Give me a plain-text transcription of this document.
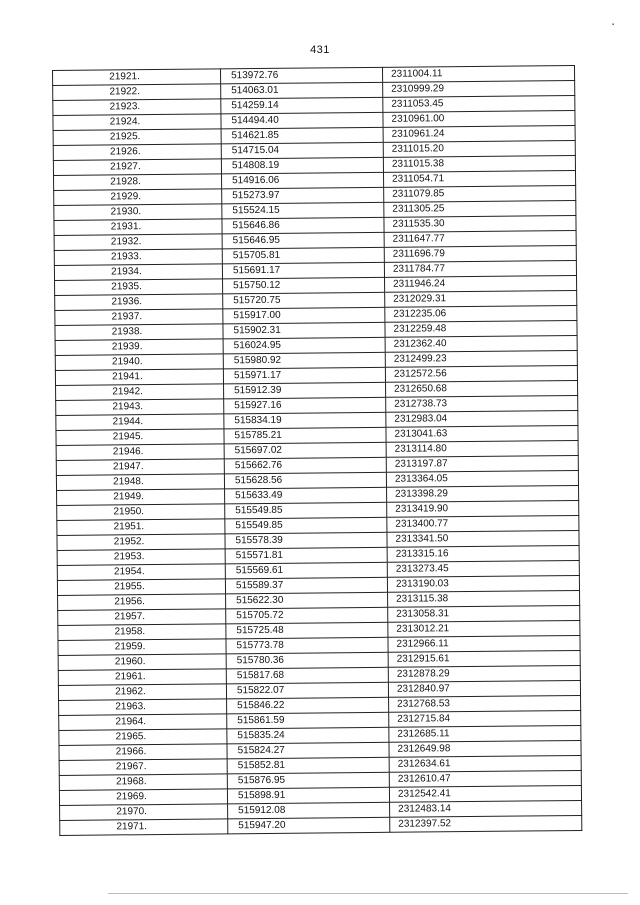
▪
431
21921.	513972.76	2311004.11
21922.	514063.01	2310999.29
21923.	514259.14	2311053.45
21924.	514494.40	2310961.00
21925.	514621.85	2310961.24
21926.	514715.04	2311015.20
21927.	514808.19	2311015.38
21928.	514916.06	2311054.71
21929.	515273.97	2311079.85
21930.	515524.15	2311305.25
21931.	515646.86	2311535.30
21932.	515646.95	2311647.77
21933.	515705.81	2311696.79
21934.	515691.17	2311784.77
21935.	515750.12	2311946.24
21936.	515720.75	2312029.31
21937.	515917.00	2312235.06
21938.	515902.31	2312259.48
21939.	516024.95	2312362.40
21940.	515980.92	2312499.23
21941.	515971.17	2312572.56
21942.	515912.39	2312650.68
21943.	515927.16	2312738.73
21944.	515834.19	2312983.04
21945.	515785.21	2313041.63
21946.	515697.02	2313114.80
21947.	515662.76	2313197.87
21948.	515628.56	2313364.05
21949.	515633.49	2313398.29
21950.	515549.85	2313419.90
21951.	515549.85	2313400.77
21952.	515578.39	2313341.50
21953.	515571.81	2313315.16
21954.	515569.61	2313273.45
21955.	515589.37	2313190.03
21956.	515622.30	2313115.38
21957.	515705.72	2313058.31
21958.	515725.48	2313012.21
21959.	515773.78	2312966.11
21960.	515780.36	2312915.61
21961.	515817.68	2312878.29
21962.	515822.07	2312840.97
21963.	515846.22	2312768.53
21964.	515861.59	2312715.84
21965.	515835.24	2312685.11
21966.	515824.27	2312649.98
21967.	515852.81	2312634.61
21968.	515876.95	2312610.47
21969.	515898.91	2312542.41
21970.	515912.08	2312483.14
21971.	515947.20	2312397.52
